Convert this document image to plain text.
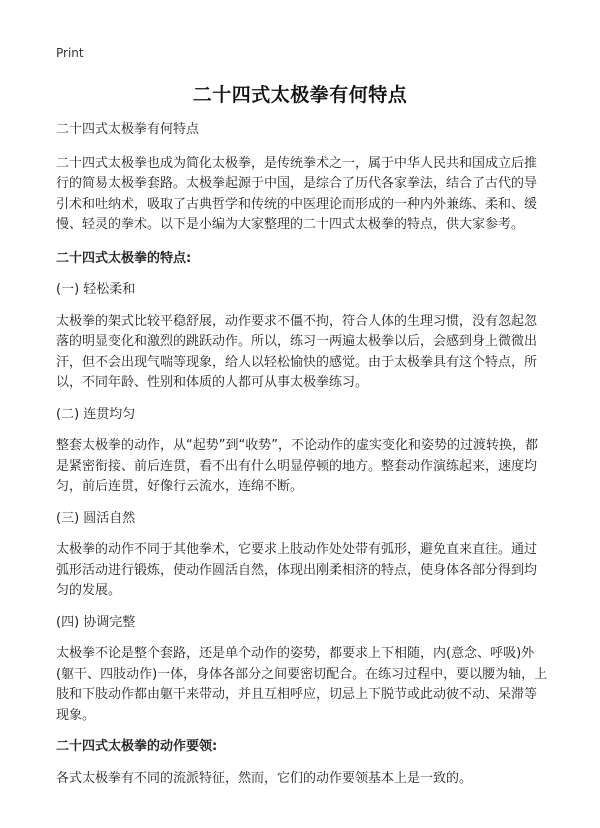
Print
二十四式太极拳有何特点

二十四式太极拳有何特点

二十四式太极拳也成为简化太极拳，是传统拳术之一，属于中华人民共和国成立后推行的简易太极拳套路。太极拳起源于中国，是综合了历代各家拳法，结合了古代的导引术和吐纳术，吸取了古典哲学和传统的中医理论而形成的一种内外兼练、柔和、缓慢、轻灵的拳术。以下是小编为大家整理的二十四式太极拳的特点，供大家参考。

二十四式太极拳的特点:

(一) 轻松柔和

太极拳的架式比较平稳舒展，动作要求不僵不拘，符合人体的生理习惯，没有忽起忽落的明显变化和激烈的跳跃动作。所以，练习一两遍太极拳以后，会感到身上微微出汗，但不会出现气喘等现象，给人以轻松愉快的感觉。由于太极拳具有这个特点，所以，不同年龄、性别和体质的人都可从事太极拳练习。

(二) 连贯均匀

整套太极拳的动作，从“起势”到“收势”，不论动作的虚实变化和姿势的过渡转换，都是紧密衔接、前后连贯，看不出有什么明显停顿的地方。整套动作演练起来，速度均匀，前后连贯，好像行云流水，连绵不断。

(三) 圆活自然

太极拳的动作不同于其他拳术，它要求上肢动作处处带有弧形，避免直来直往。通过弧形活动进行锻炼，使动作圆活自然，体现出刚柔相济的特点，使身体各部分得到均匀的发展。

(四) 协调完整

太极拳不论是整个套路，还是单个动作的姿势，都要求上下相随，内(意念、呼吸)外(躯干、四肢动作)一体，身体各部分之间要密切配合。在练习过程中，要以腰为轴，上肢和下肢动作都由躯干来带动，并且互相呼应，切忌上下脱节或此动彼不动、呆滞等现象。

二十四式太极拳的动作要领:

各式太极拳有不同的流派特征，然而，它们的动作要领基本上是一致的。
